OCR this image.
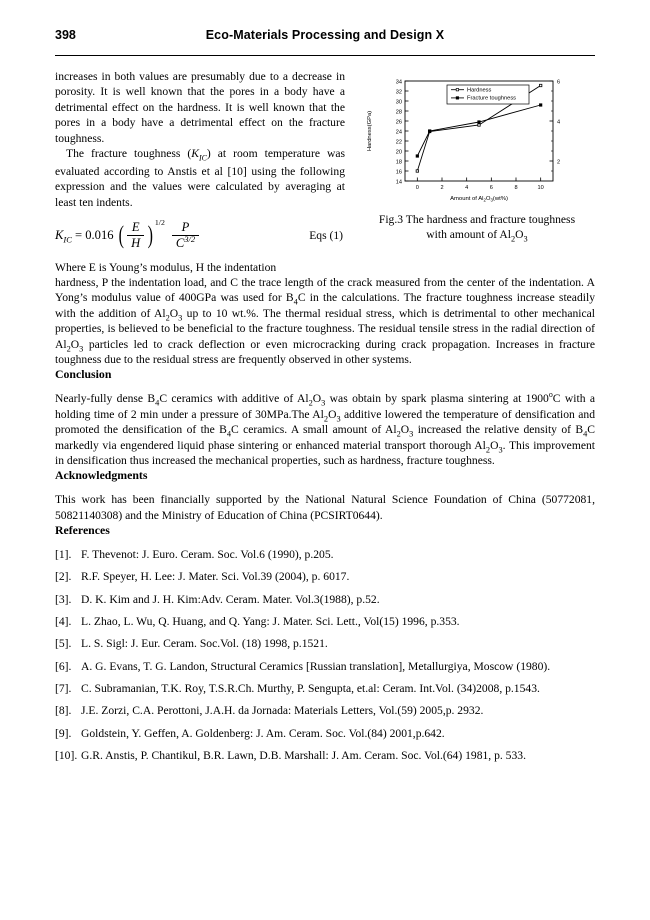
398	Eco-Materials Processing and Design X

increases in both values are presumably due to a decrease in porosity. It is well known that the pores in a body have a detrimental effect on the hardness. It is well known that the pores in a body have a detrimental effect on the fracture toughness.

The fracture toughness $(K_{IC})$ at room temperature was evaluated according to Anstis et al [10] using the following expression and the values were calculated by averaging at least ten indents.

$K_{IC} = 0.016$ ( $\frac{E}{H}$ ) $1/2 \frac{P}{C^{3/2}}$	Eqs (1)

Where E is Young’s modulus, H the indentation

14
16
18
20
22
24
26
28
30
32
34
Hardness(GPa)
2
4
6
0	2	4	6	8	10
Amount of $Al_2O_3(wt\%)$
Hardness
Fracture toughness
Fig.3 The hardness and fracture toughness
with amount of $Al_2O_3$

hardness, P the indentation load, and C the trace length of the crack measured from the center of the indentation. A Yong’s modulus value of 400GPa was used for $B_4C$ in the calculations. The fracture toughness increase steadily with the addition of $Al_2O_3$ up to 10 wt.%. The thermal residual stress, which is detrimental to other mechanical properties, is believed to be beneficial to the fracture toughness. The residual tensile stress in the radial direction of $Al_2O_3$ particles led to crack deflection or even microcracking during crack propagation. Increases in fracture toughness due to the residual stress are frequently observed in other systems.

Conclusion

Nearly-fully dense $B_4C$ ceramics with additive of $Al_2O_3$ was obtain by spark plasma sintering at 1900$^o$C with a holding time of 2 min under a pressure of 30MPa.The $Al_2O_3$ additive lowered the temperature of densification and promoted the densification of the $B_4C$ ceramics. A small amount of $Al_2O_3$ increased the relative density of $B_4C$ markedly via engendered liquid phase sintering or enhanced material transport thorough $Al_2O_3$. This improvement in densification thus increased the mechanical properties, such as hardness, fracture toughness.

Acknowledgments

This work has been financially supported by the National Natural Science Foundation of China (50772081, 50821140308) and the Ministry of Education of China (PCSIRT0644).

References
[1]. F. Thevenot: J. Euro. Ceram. Soc. Vol.6 (1990), p.205.
[2]. R.F. Speyer, H. Lee: J. Mater. Sci. Vol.39 (2004), p. 6017.
[3]. D. K. Kim and J. H. Kim:Adv. Ceram. Mater. Vol.3(1988), p.52.
[4]. L. Zhao, L. Wu, Q. Huang, and Q. Yang: J. Mater. Sci. Lett., Vol(15) 1996, p.353.
[5]. L. S. Sigl: J. Eur. Ceram. Soc.Vol. (18) 1998, p.1521.
[6]. A. G. Evans, T. G. Landon, Structural Ceramics [Russian translation], Metallurgiya, Moscow (1980).
[7]. C. Subramanian, T.K. Roy, T.S.R.Ch. Murthy, P. Sengupta, et.al: Ceram. Int.Vol. (34)2008, p.1543.
[8]. J.E. Zorzi, C.A. Perottoni, J.A.H. da Jornada: Materials Letters, Vol.(59) 2005,p. 2932.
[9]. Goldstein, Y. Geffen, A. Goldenberg: J. Am. Ceram. Soc. Vol.(84) 2001,p.642.
[10]. G.R. Anstis, P. Chantikul, B.R. Lawn, D.B. Marshall: J. Am. Ceram. Soc. Vol.(64) 1981, p. 533.
